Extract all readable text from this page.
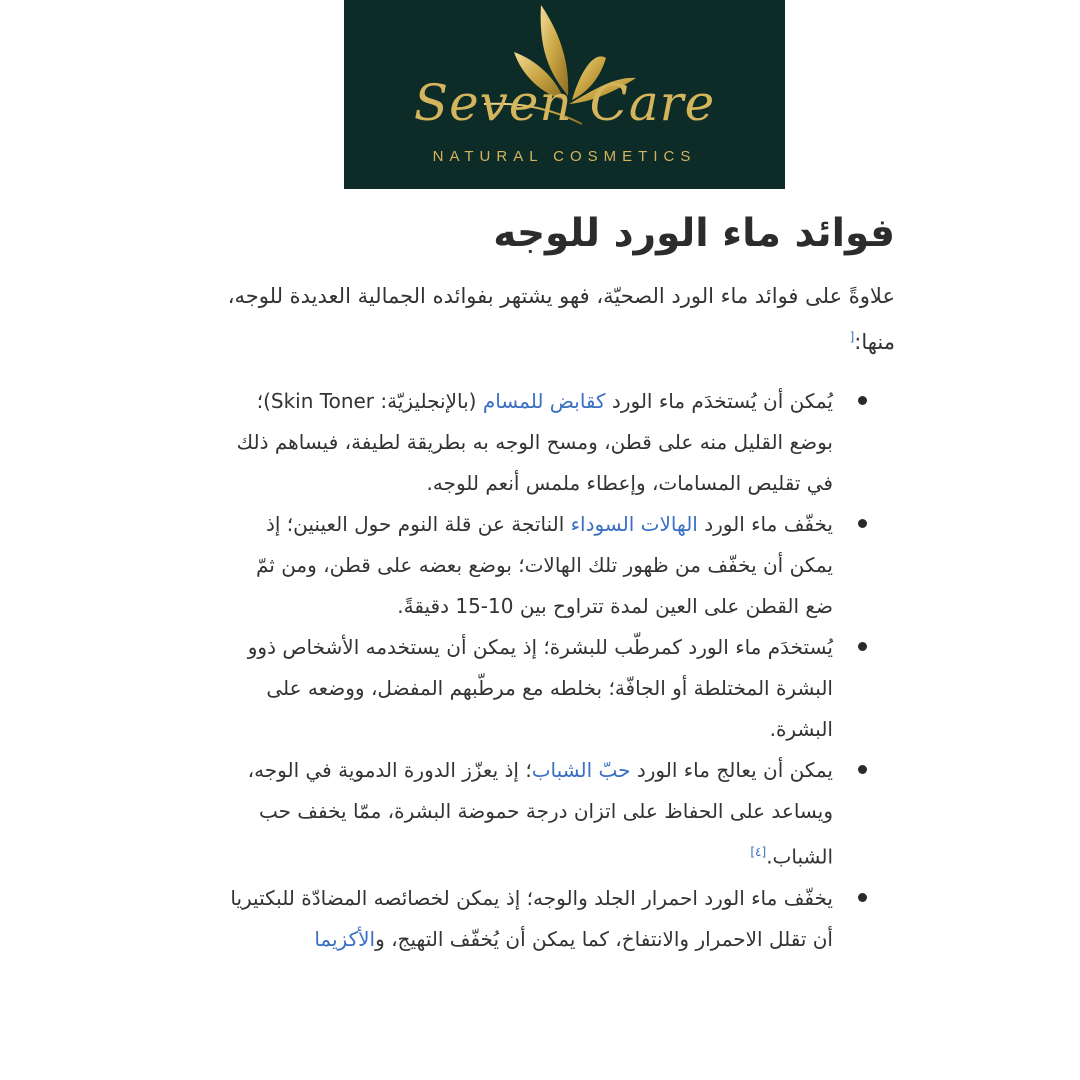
Seven Care
NATURAL COSMETICS
فوائد ماء الورد للوجه

علاوةً على فوائد ماء الورد الصحيّة، فهو يشتهر بفوائده الجمالية العديدة للوجه، منها:[

يُمكن أن يُستخدَم ماء الورد كقابض للمسام (بالإنجليزيّة: Skin Toner)؛ بوضع القليل منه على قطن، ومسح الوجه به بطريقة لطيفة، فيساهم ذلك في تقليص المسامات، وإعطاء ملمس أنعم للوجه.
يخفّف ماء الورد الهالات السوداء الناتجة عن قلة النوم حول العينين؛ إذ يمكن أن يخفّف من ظهور تلك الهالات؛ بوضع بعضه على قطن، ومن ثمّ ضع القطن على العين لمدة تتراوح بين 10-15 دقيقةً.
يُستخدَم ماء الورد كمرطّب للبشرة؛ إذ يمكن أن يستخدمه الأشخاص ذوو البشرة المختلطة أو الجافّة؛ بخلطه مع مرطّبهم المفضل، ووضعه على البشرة.
يمكن أن يعالج ماء الورد حبّ الشباب؛ إذ يعزّز الدورة الدموية في الوجه، ويساعد على الحفاظ على اتزان درجة حموضة البشرة، ممّا يخفف حب الشباب.[٤]
يخفّف ماء الورد احمرار الجلد والوجه؛ إذ يمكن لخصائصه المضادّة للبكتيريا أن تقلل الاحمرار والانتفاخ، كما يمكن أن يُخفّف التهيج، والأكزيما
